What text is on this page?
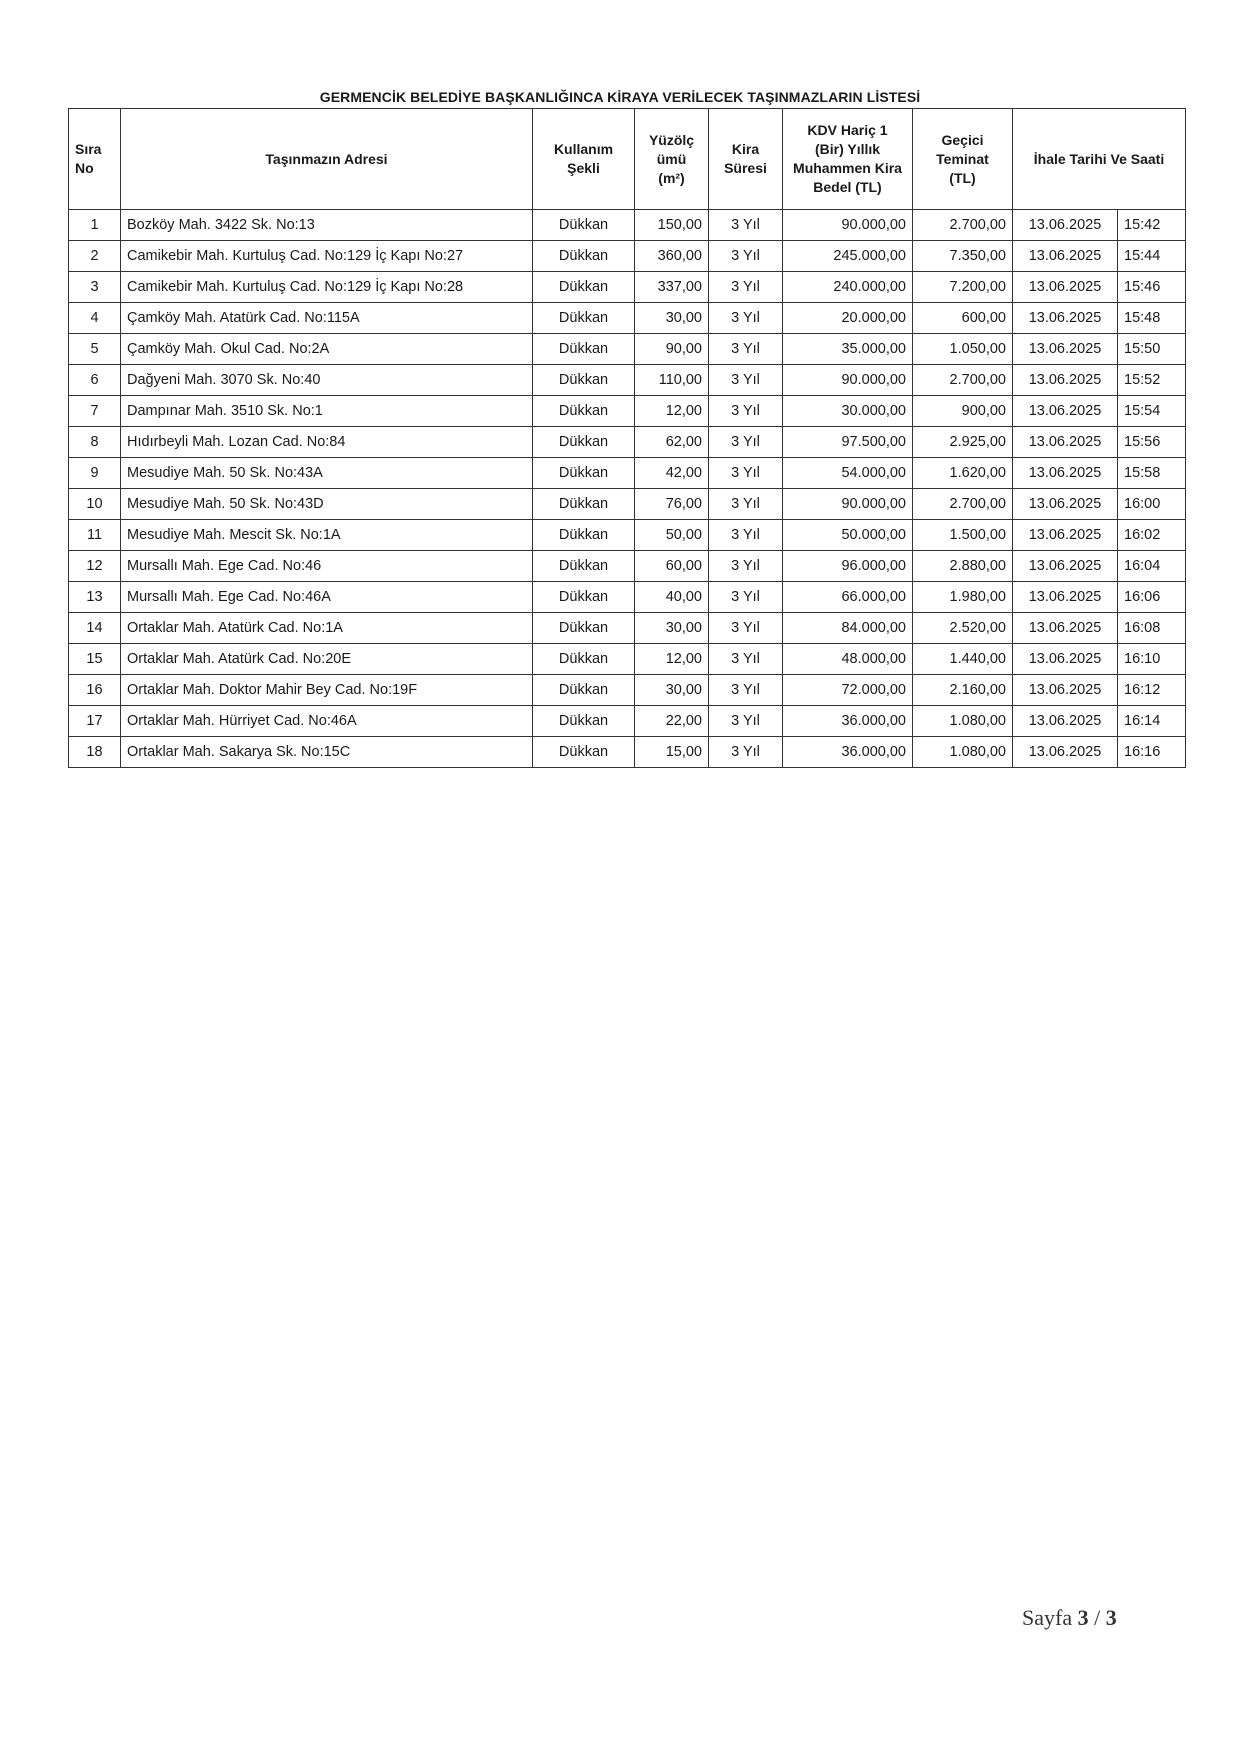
GERMENCİK BELEDİYE BAŞKANLIĞINCA KİRAYA VERİLECEK TAŞINMAZLARIN LİSTESİ
Sıra No	Taşınmazın Adresi	Kullanım Şekli	Yüzölç ümü (m²)	Kira Süresi	KDV Hariç 1 (Bir) Yıllık Muhammen Kira Bedel (TL)	Geçici Teminat (TL)	İhale Tarihi Ve Saati	
1	Bozköy Mah. 3422 Sk. No:13	Dükkan	150,00	3 Yıl	90.000,00	2.700,00	13.06.2025	15:42
2	Camikebir Mah. Kurtuluş Cad. No:129 İç Kapı No:27	Dükkan	360,00	3 Yıl	245.000,00	7.350,00	13.06.2025	15:44
3	Camikebir Mah. Kurtuluş Cad. No:129 İç Kapı No:28	Dükkan	337,00	3 Yıl	240.000,00	7.200,00	13.06.2025	15:46
4	Çamköy Mah. Atatürk Cad. No:115A	Dükkan	30,00	3 Yıl	20.000,00	600,00	13.06.2025	15:48
5	Çamköy Mah. Okul Cad. No:2A	Dükkan	90,00	3 Yıl	35.000,00	1.050,00	13.06.2025	15:50
6	Dağyeni Mah. 3070 Sk. No:40	Dükkan	110,00	3 Yıl	90.000,00	2.700,00	13.06.2025	15:52
7	Dampınar Mah. 3510 Sk. No:1	Dükkan	12,00	3 Yıl	30.000,00	900,00	13.06.2025	15:54
8	Hıdırbeyli Mah. Lozan Cad. No:84	Dükkan	62,00	3 Yıl	97.500,00	2.925,00	13.06.2025	15:56
9	Mesudiye Mah. 50 Sk. No:43A	Dükkan	42,00	3 Yıl	54.000,00	1.620,00	13.06.2025	15:58
10	Mesudiye Mah. 50 Sk. No:43D	Dükkan	76,00	3 Yıl	90.000,00	2.700,00	13.06.2025	16:00
11	Mesudiye Mah. Mescit Sk. No:1A	Dükkan	50,00	3 Yıl	50.000,00	1.500,00	13.06.2025	16:02
12	Mursallı Mah. Ege Cad. No:46	Dükkan	60,00	3 Yıl	96.000,00	2.880,00	13.06.2025	16:04
13	Mursallı Mah. Ege Cad. No:46A	Dükkan	40,00	3 Yıl	66.000,00	1.980,00	13.06.2025	16:06
14	Ortaklar Mah. Atatürk Cad. No:1A	Dükkan	30,00	3 Yıl	84.000,00	2.520,00	13.06.2025	16:08
15	Ortaklar Mah. Atatürk Cad. No:20E	Dükkan	12,00	3 Yıl	48.000,00	1.440,00	13.06.2025	16:10
16	Ortaklar Mah. Doktor Mahir Bey Cad. No:19F	Dükkan	30,00	3 Yıl	72.000,00	2.160,00	13.06.2025	16:12
17	Ortaklar Mah. Hürriyet Cad. No:46A	Dükkan	22,00	3 Yıl	36.000,00	1.080,00	13.06.2025	16:14
18	Ortaklar Mah. Sakarya Sk. No:15C	Dükkan	15,00	3 Yıl	36.000,00	1.080,00	13.06.2025	16:16
Sayfa 3 / 3
